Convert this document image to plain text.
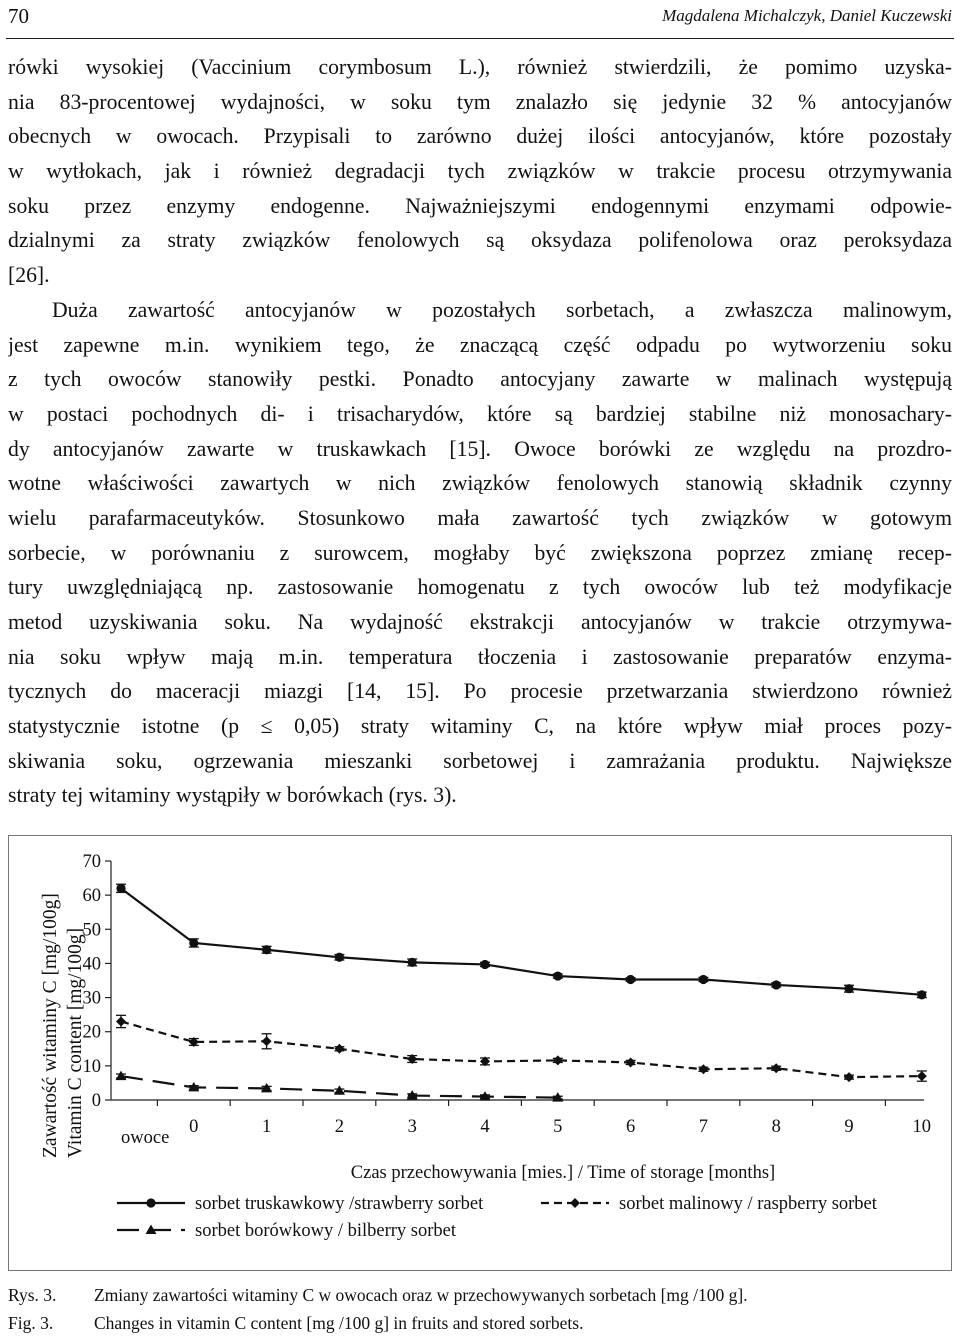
70	Magdalena Michalczyk, Daniel Kuczewski
rówki wysokiej (Vaccinium corymbosum L.), również stwierdzili, że pomimo uzyska-
nia 83-procentowej wydajności, w soku tym znalazło się jedynie 32 % antocyjanów
obecnych w owocach. Przypisali to zarówno dużej ilości antocyjanów, które pozostały
w wytłokach, jak i również degradacji tych związków w trakcie procesu otrzymywania
soku przez enzymy endogenne. Najważniejszymi endogennymi enzymami odpowie-
dzialnymi za straty związków fenolowych są oksydaza polifenolowa oraz peroksydaza
[26].
Duża zawartość antocyjanów w pozostałych sorbetach, a zwłaszcza malinowym,
jest zapewne m.in. wynikiem tego, że znaczącą część odpadu po wytworzeniu soku
z tych owoców stanowiły pestki. Ponadto antocyjany zawarte w malinach występują
w postaci pochodnych di- i trisacharydów, które są bardziej stabilne niż monosachary-
dy antocyjanów zawarte w truskawkach [15]. Owoce borówki ze względu na prozdro-
wotne właściwości zawartych w nich związków fenolowych stanowią składnik czynny
wielu parafarmaceutyków. Stosunkowo mała zawartość tych związków w gotowym
sorbecie, w porównaniu z surowcem, mogłaby być zwiększona poprzez zmianę recep-
tury uwzględniającą np. zastosowanie homogenatu z tych owoców lub też modyfikacje
metod uzyskiwania soku. Na wydajność ekstrakcji antocyjanów w trakcie otrzymywa-
nia soku wpływ mają m.in. temperatura tłoczenia i zastosowanie preparatów enzyma-
tycznych do maceracji miazgi [14, 15]. Po procesie przetwarzania stwierdzono również
statystycznie istotne (p ≤ 0,05) straty witaminy C, na które wpływ miał proces pozy-
skiwania soku, ogrzewania mieszanki sorbetowej i zamrażania produktu. Największe
straty tej witaminy wystąpiły w borówkach (rys. 3).
Zawartość witaminy C [mg/100g] Vitamin C content [mg/100g] 0
10
20
30
40
50
60
70
0	1	2	3	4	5	6	7	8	9	10
owoce
Czas przechowywania [mies.] / Time of storage [months]
sorbet truskawkowy /strawberry sorbet	sorbet malinowy / raspberry sorbet
sorbet borówkowy / bilberry sorbet
Rys. 3. Zmiany zawartości witaminy C w owocach oraz w przechowywanych sorbetach [mg /100 g].
Fig. 3. Changes in vitamin C content [mg /100 g] in fruits and stored sorbets.
